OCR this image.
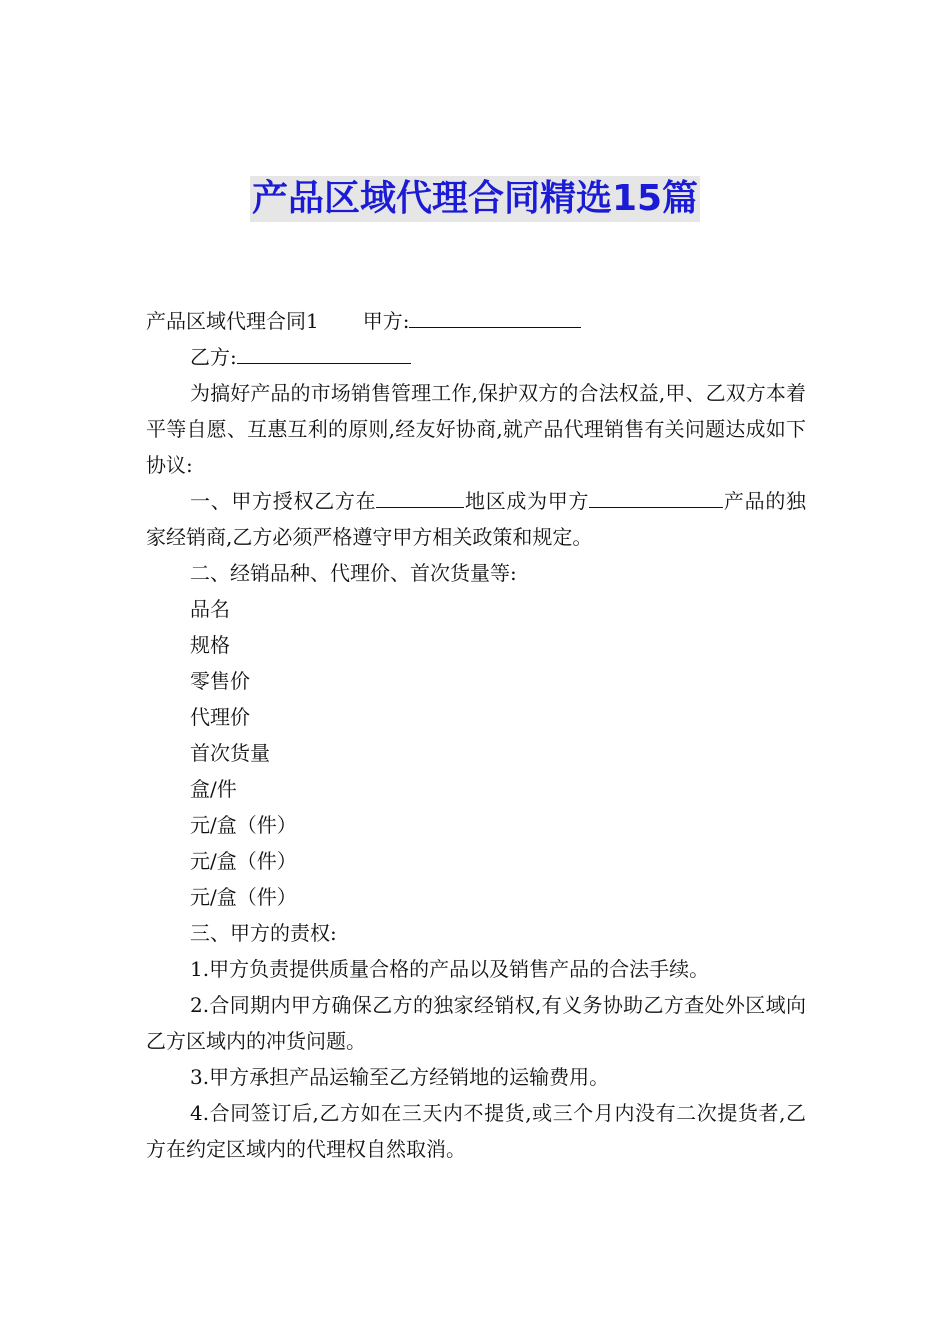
产品区域代理合同精选15篇

产品区域代理合同1 甲方:

乙方:

为搞好产品的市场销售管理工作,保护双方的合法权益,甲、乙双方本着平等自愿、互惠互利的原则,经友好协商,就产品代理销售有关问题达成如下协议:

一、甲方授权乙方在	地区成为甲方	产品的独家经销商,乙方必须严格遵守甲方相关政策和规定。

二、经销品种、代理价、首次货量等:

品名

规格

零售价

代理价

首次货量

盒/件

元/盒（件）

元/盒（件）

元/盒（件）

三、甲方的责权:

1.甲方负责提供质量合格的产品以及销售产品的合法手续。

2.合同期内甲方确保乙方的独家经销权,有义务协助乙方查处外区域向乙方区域内的冲货问题。

3.甲方承担产品运输至乙方经销地的运输费用。

4.合同签订后,乙方如在三天内不提货,或三个月内没有二次提货者,乙方在约定区域内的代理权自然取消。
